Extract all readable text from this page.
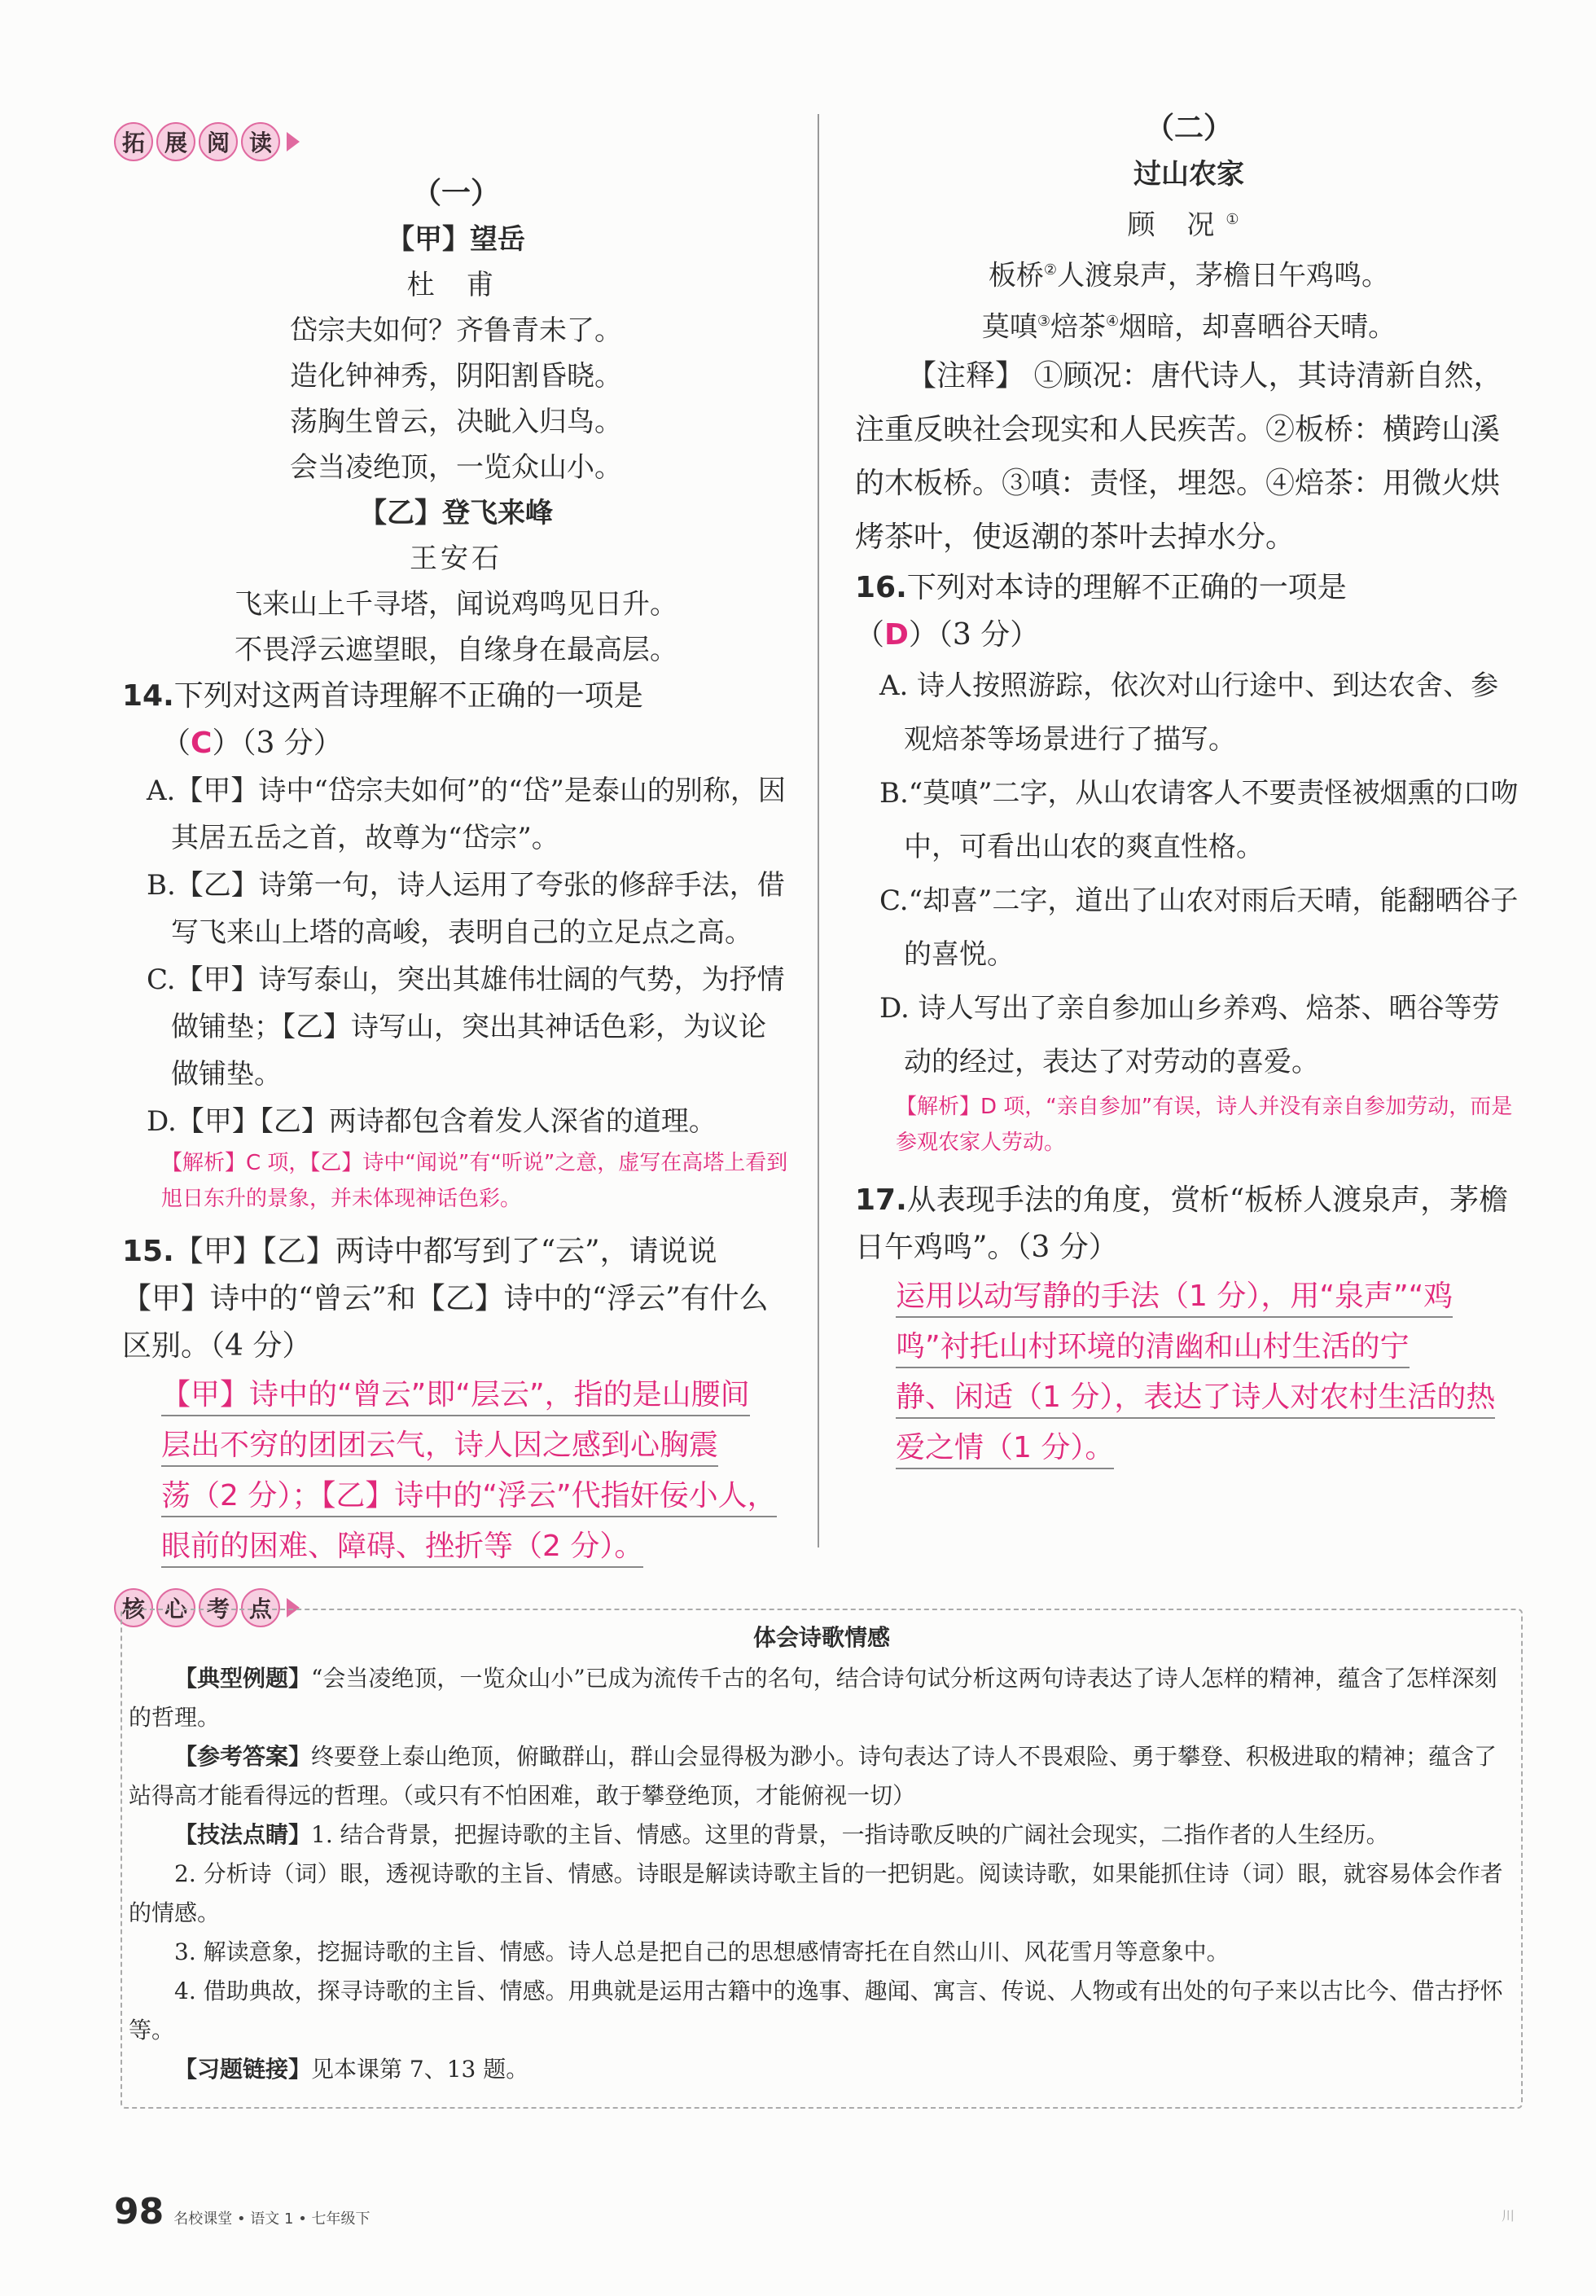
拓 展 阅 读
（一）
【甲】望岳
杜 甫
岱宗夫如何？齐鲁青未了。
造化钟神秀，阴阳割昏晓。
荡胸生曾云，决眦入归鸟。
会当凌绝顶，一览众山小。
【乙】登飞来峰
王安石
飞来山上千寻塔，闻说鸡鸣见日升。
不畏浮云遮望眼，自缘身在最高层。
14.下列对这两首诗理解不正确的一项是
（C）（3 分）
A.【甲】诗中“岱宗夫如何”的“岱”是泰山的别称，因其居五岳之首，故尊为“岱宗”。
B.【乙】诗第一句，诗人运用了夸张的修辞手法，借写飞来山上塔的高峻，表明自己的立足点之高。
C.【甲】诗写泰山，突出其雄伟壮阔的气势，为抒情做铺垫；【乙】诗写山，突出其神话色彩，为议论做铺垫。
D.【甲】【乙】两诗都包含着发人深省的道理。
【解析】C 项，【乙】诗中“闻说”有“听说”之意，虚写在高塔上看到旭日东升的景象，并未体现神话色彩。
15.【甲】【乙】两诗中都写到了“云”，请说说【甲】诗中的“曾云”和【乙】诗中的“浮云”有什么区别。（4 分）
【甲】诗中的“曾云”即“层云”，指的是山腰间
层出不穷的团团云气，诗人因之感到心胸震
荡（2 分）；【乙】诗中的“浮云”代指奸佞小人，
眼前的困难、障碍、挫折等（2 分）。
（二）
过山农家
顾 况①
板桥②人渡泉声，茅檐日午鸡鸣。
莫嗔③焙茶④烟暗，却喜晒谷天晴。
【注释】 ①顾况：唐代诗人，其诗清新自然，注重反映社会现实和人民疾苦。②板桥：横跨山溪的木板桥。③嗔：责怪，埋怨。④焙茶：用微火烘烤茶叶，使返潮的茶叶去掉水分。
16.下列对本诗的理解不正确的一项是（D）（3 分）
A. 诗人按照游踪，依次对山行途中、到达农舍、参观焙茶等场景进行了描写。
B.“莫嗔”二字，从山农请客人不要责怪被烟熏的口吻中，可看出山农的爽直性格。
C.“却喜”二字，道出了山农对雨后天晴，能翻晒谷子的喜悦。
D. 诗人写出了亲自参加山乡养鸡、焙茶、晒谷等劳动的经过，表达了对劳动的喜爱。
【解析】D 项，“亲自参加”有误，诗人并没有亲自参加劳动，而是参观农家人劳动。
17.从表现手法的角度，赏析“板桥人渡泉声，茅檐日午鸡鸣”。（3 分）
运用以动写静的手法（1 分），用“泉声”“鸡
鸣”衬托山村环境的清幽和山村生活的宁
静、闲适（1 分），表达了诗人对农村生活的热
爱之情（1 分）。
核 心 考 点
体会诗歌情感

【典型例题】“会当凌绝顶，一览众山小”已成为流传千古的名句，结合诗句试分析这两句诗表达了诗人怎样的精神，蕴含了怎样深刻的哲理。

【参考答案】终要登上泰山绝顶，俯瞰群山，群山会显得极为渺小。诗句表达了诗人不畏艰险、勇于攀登、积极进取的精神；蕴含了站得高才能看得远的哲理。（或只有不怕困难，敢于攀登绝顶，才能俯视一切）

【技法点睛】1. 结合背景，把握诗歌的主旨、情感。这里的背景，一指诗歌反映的广阔社会现实，二指作者的人生经历。

2. 分析诗（词）眼，透视诗歌的主旨、情感。诗眼是解读诗歌主旨的一把钥匙。阅读诗歌，如果能抓住诗（词）眼，就容易体会作者的情感。

3. 解读意象，挖掘诗歌的主旨、情感。诗人总是把自己的思想感情寄托在自然山川、风花雪月等意象中。

4. 借助典故，探寻诗歌的主旨、情感。用典就是运用古籍中的逸事、趣闻、寓言、传说、人物或有出处的句子来以古比今、借古抒怀等。

【习题链接】见本课第 7、13 题。

98 名校课堂 • 语文 1 • 七年级下	川
